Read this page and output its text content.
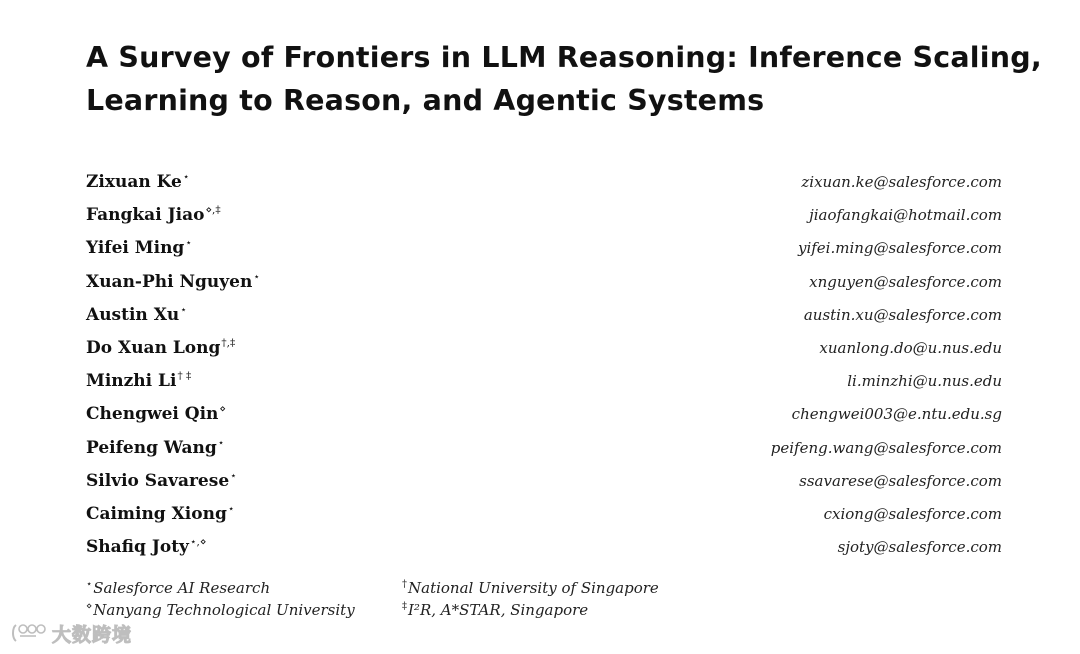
A Survey of Frontiers in LLM Reasoning: Inference Scaling,
Learning to Reason, and Agentic Systems
Zixuan Ke⋆	zixuan.ke@salesforce.com
Fangkai Jiao⋄,‡	jiaofangkai@hotmail.com
Yifei Ming⋆	yifei.ming@salesforce.com
Xuan-Phi Nguyen⋆	xnguyen@salesforce.com
Austin Xu⋆	austin.xu@salesforce.com
Do Xuan Long†,‡	xuanlong.do@u.nus.edu
Minzhi Li† ‡	li.minzhi@u.nus.edu
Chengwei Qin⋄	chengwei003@e.ntu.edu.sg
Peifeng Wang⋆	peifeng.wang@salesforce.com
Silvio Savarese⋆	ssavarese@salesforce.com
Caiming Xiong⋆	cxiong@salesforce.com
Shafiq Joty⋆,⋄	sjoty@salesforce.com
⋆Salesforce AI Research	†National University of Singapore
⋄Nanyang Technological University	‡I²R, A*STAR, Singapore
大数跨境
